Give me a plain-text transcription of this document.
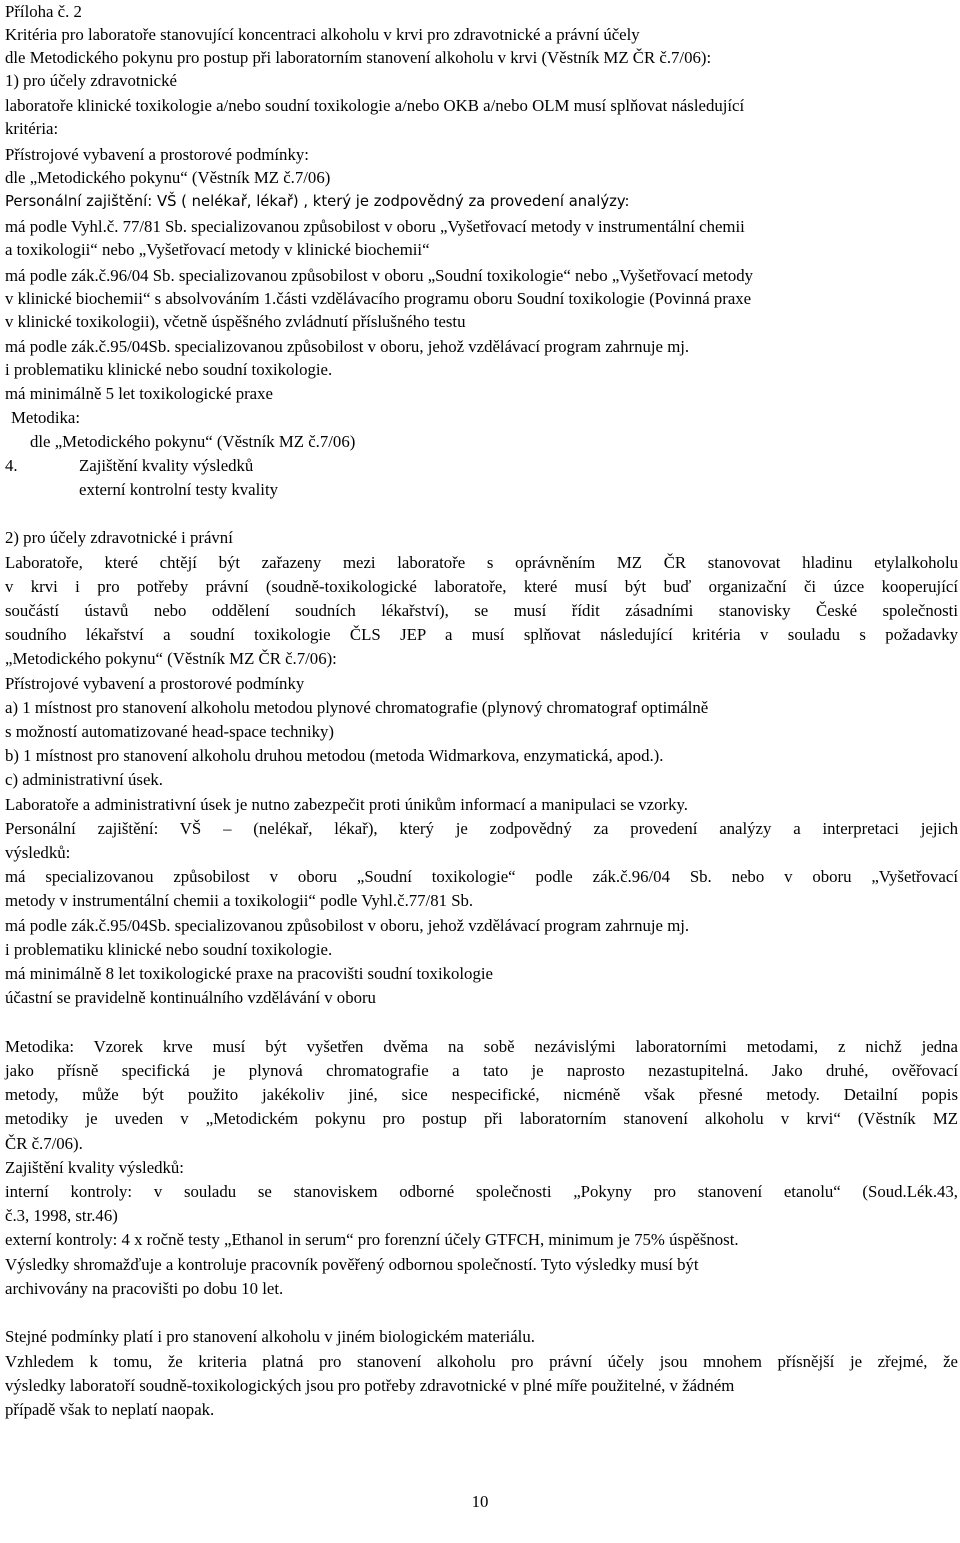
Příloha č. 2
Kritéria pro laboratoře stanovující koncentraci alkoholu v krvi pro zdravotnické a právní účely
dle Metodického pokynu pro postup při laboratorním stanovení alkoholu v krvi (Věstník MZ ČR č.7/06):
1) pro účely zdravotnické
laboratoře klinické toxikologie a/nebo soudní toxikologie a/nebo OKB a/nebo OLM musí splňovat následující
kritéria:
Přístrojové vybavení a prostorové podmínky:
dle „Metodického pokynu“ (Věstník MZ č.7/06)
Personální zajištění: VŠ ( nelékař, lékař) , který je zodpovědný za provedení analýzy:
má podle Vyhl.č. 77/81 Sb. specializovanou způsobilost v oboru „Vyšetřovací metody v instrumentální chemii
a toxikologii“ nebo „Vyšetřovací metody v klinické biochemii“
má podle zák.č.96/04 Sb. specializovanou způsobilost v oboru „Soudní toxikologie“ nebo „Vyšetřovací metody
v klinické biochemii“ s absolvováním 1.části vzdělávacího programu oboru Soudní toxikologie (Povinná praxe
v klinické toxikologii), včetně úspěšného zvládnutí příslušného testu
má podle zák.č.95/04Sb. specializovanou způsobilost v oboru, jehož vzdělávací program zahrnuje mj.
i problematiku klinické nebo soudní toxikologie.
má minimálně 5 let toxikologické praxe
Metodika:
dle „Metodického pokynu“ (Věstník MZ č.7/06)
4.	Zajištění kvality výsledků
externí kontrolní testy kvality
2) pro účely zdravotnické i právní
Laboratoře, které chtějí být zařazeny mezi laboratoře s oprávněním MZ ČR stanovovat hladinu etylalkoholu
v krvi i pro potřeby právní (soudně-toxikologické laboratoře, které musí být buď organizační či úzce kooperující
součástí ústavů nebo oddělení soudních lékařství), se musí řídit zásadními stanovisky České společnosti
soudního lékařství a soudní toxikologie ČLS JEP a musí splňovat následující kritéria v souladu s požadavky
„Metodického pokynu“ (Věstník MZ ČR č.7/06):
Přístrojové vybavení a prostorové podmínky
a) 1 místnost pro stanovení alkoholu metodou plynové chromatografie (plynový chromatograf optimálně
s možností automatizované head-space techniky)
b) 1 místnost pro stanovení alkoholu druhou metodou (metoda Widmarkova, enzymatická, apod.).
c) administrativní úsek.
Laboratoře a administrativní úsek je nutno zabezpečit proti únikům informací a manipulaci se vzorky.
Personální zajištění: VŠ – (nelékař, lékař), který je zodpovědný za provedení analýzy a interpretaci jejich
výsledků:
má specializovanou způsobilost v oboru „Soudní toxikologie“ podle zák.č.96/04 Sb. nebo v oboru „Vyšetřovací
metody v instrumentální chemii a toxikologii“ podle Vyhl.č.77/81 Sb.
má podle zák.č.95/04Sb. specializovanou způsobilost v oboru, jehož vzdělávací program zahrnuje mj.
i problematiku klinické nebo soudní toxikologie.
má minimálně 8 let toxikologické praxe na pracovišti soudní toxikologie
účastní se pravidelně kontinuálního vzdělávání v oboru
Metodika: Vzorek krve musí být vyšetřen dvěma na sobě nezávislými laboratorními metodami, z nichž jedna
jako přísně specifická je plynová chromatografie a tato je naprosto nezastupitelná. Jako druhé, ověřovací
metody, může být použito jakékoliv jiné, sice nespecifické, nicméně však přesné metody. Detailní popis
metodiky je uveden v „Metodickém pokynu pro postup při laboratorním stanovení alkoholu v krvi“ (Věstník MZ
ČR č.7/06).
Zajištění kvality výsledků:
interní kontroly: v souladu se stanoviskem odborné společnosti „Pokyny pro stanovení etanolu“ (Soud.Lék.43,
č.3, 1998, str.46)
externí kontroly: 4 x ročně testy „Ethanol in serum“ pro forenzní účely GTFCH, minimum je 75% úspěšnost.
Výsledky shromažďuje a kontroluje pracovník pověřený odbornou společností. Tyto výsledky musí být
archivovány na pracovišti po dobu 10 let.
Stejné podmínky platí i pro stanovení alkoholu v jiném biologickém materiálu.
Vzhledem k tomu, že kriteria platná pro stanovení alkoholu pro právní účely jsou mnohem přísnější je zřejmé, že
výsledky laboratoří soudně-toxikologických jsou pro potřeby zdravotnické v plné míře použitelné, v žádném
případě však to neplatí naopak.
10
